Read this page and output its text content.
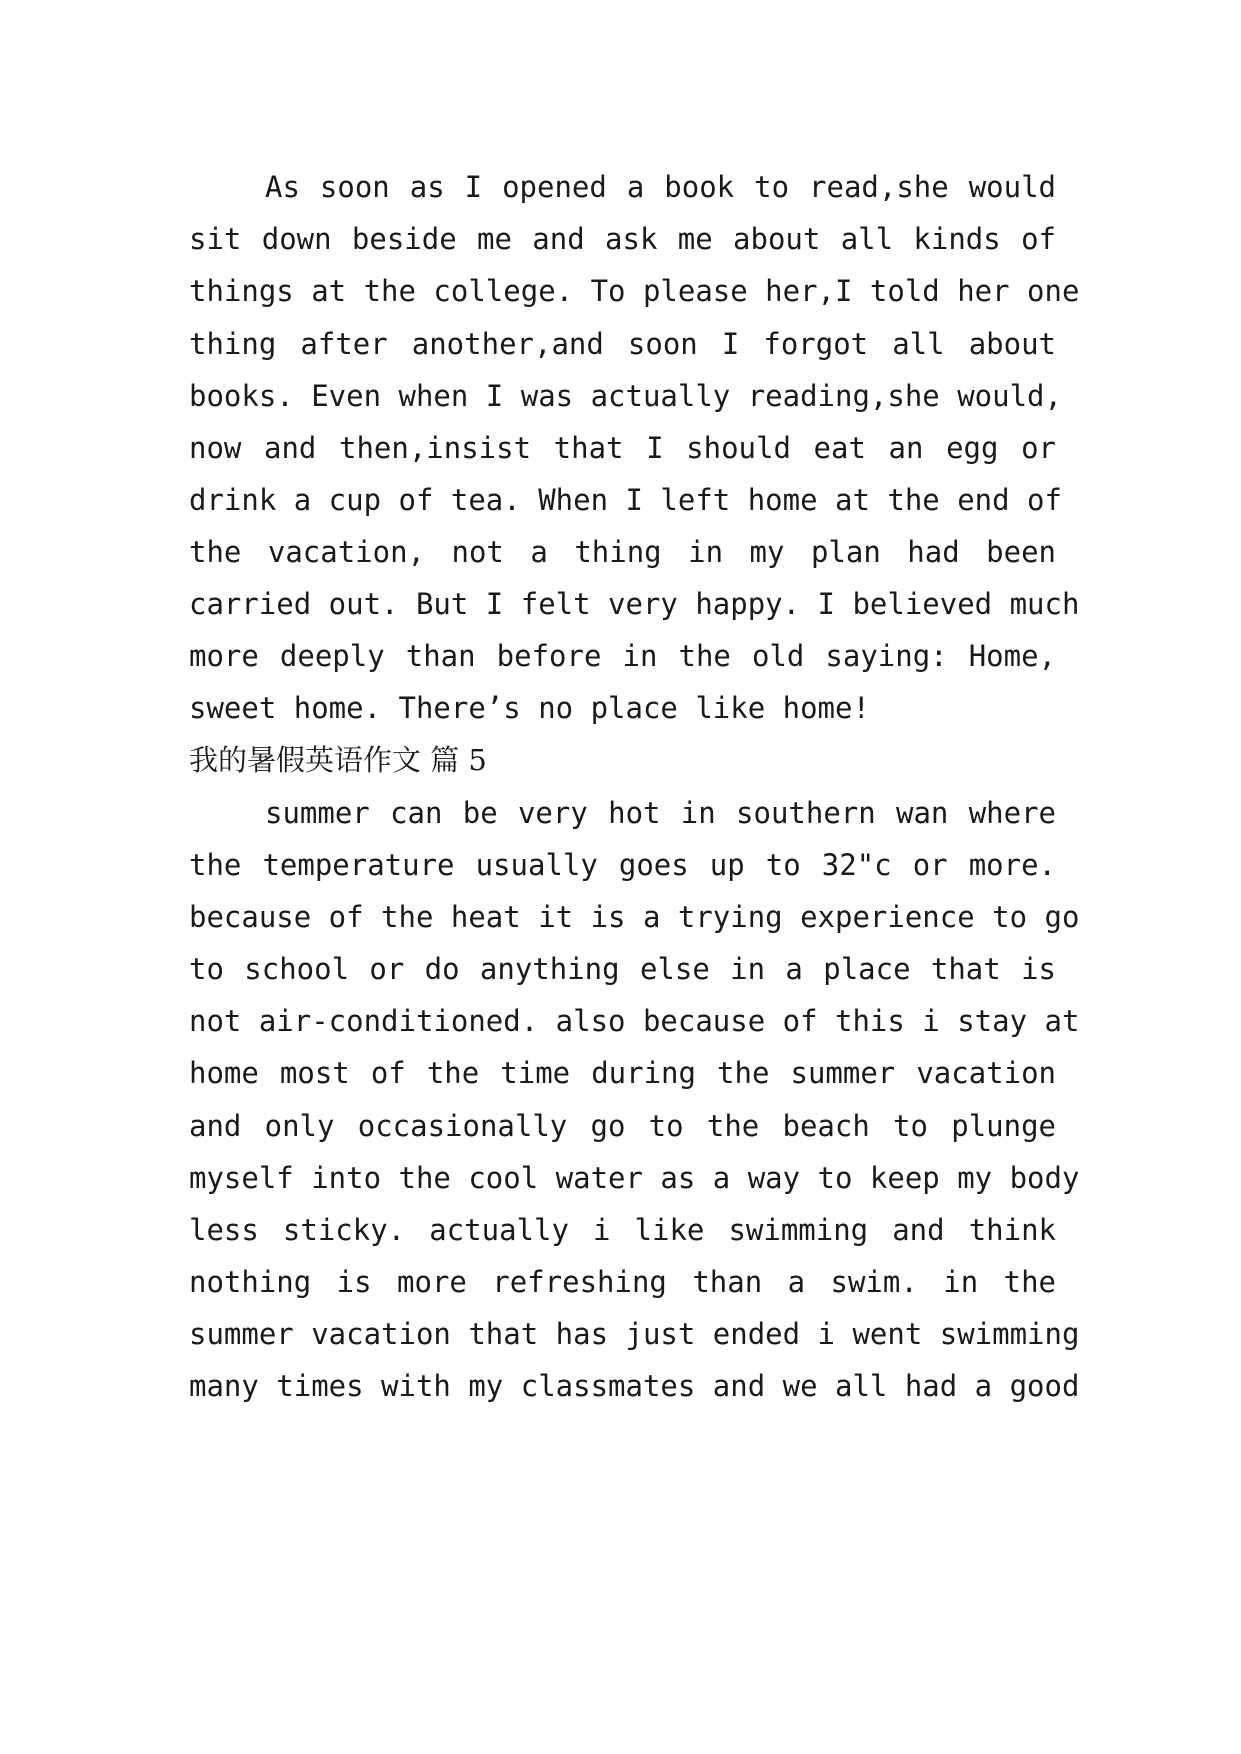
As soon as I opened a book to read,she would
sit down beside me and ask me about all kinds of
things at the college. To please her,I told her one
thing after another,and soon I forgot all about
books. Even when I was actually reading,she would,
now and then,insist that I should eat an egg or
drink a cup of tea. When I left home at the end of
the vacation, not a thing in my plan had been
carried out. But I felt very happy. I believed much
more deeply than before in the old saying: Home,
sweet home. There’s no place like home!
我的暑假英语作文 篇 5
summer can be very hot in southern wan where
the temperature usually goes up to 32"c or more.
because of the heat it is a trying experience to go
to school or do anything else in a place that is
not air-conditioned. also because of this i stay at
home most of the time during the summer vacation
and only occasionally go to the beach to plunge
myself into the cool water as a way to keep my body
less sticky. actually i like swimming and think
nothing is more refreshing than a swim. in the
summer vacation that has just ended i went swimming
many times with my classmates and we all had a good
